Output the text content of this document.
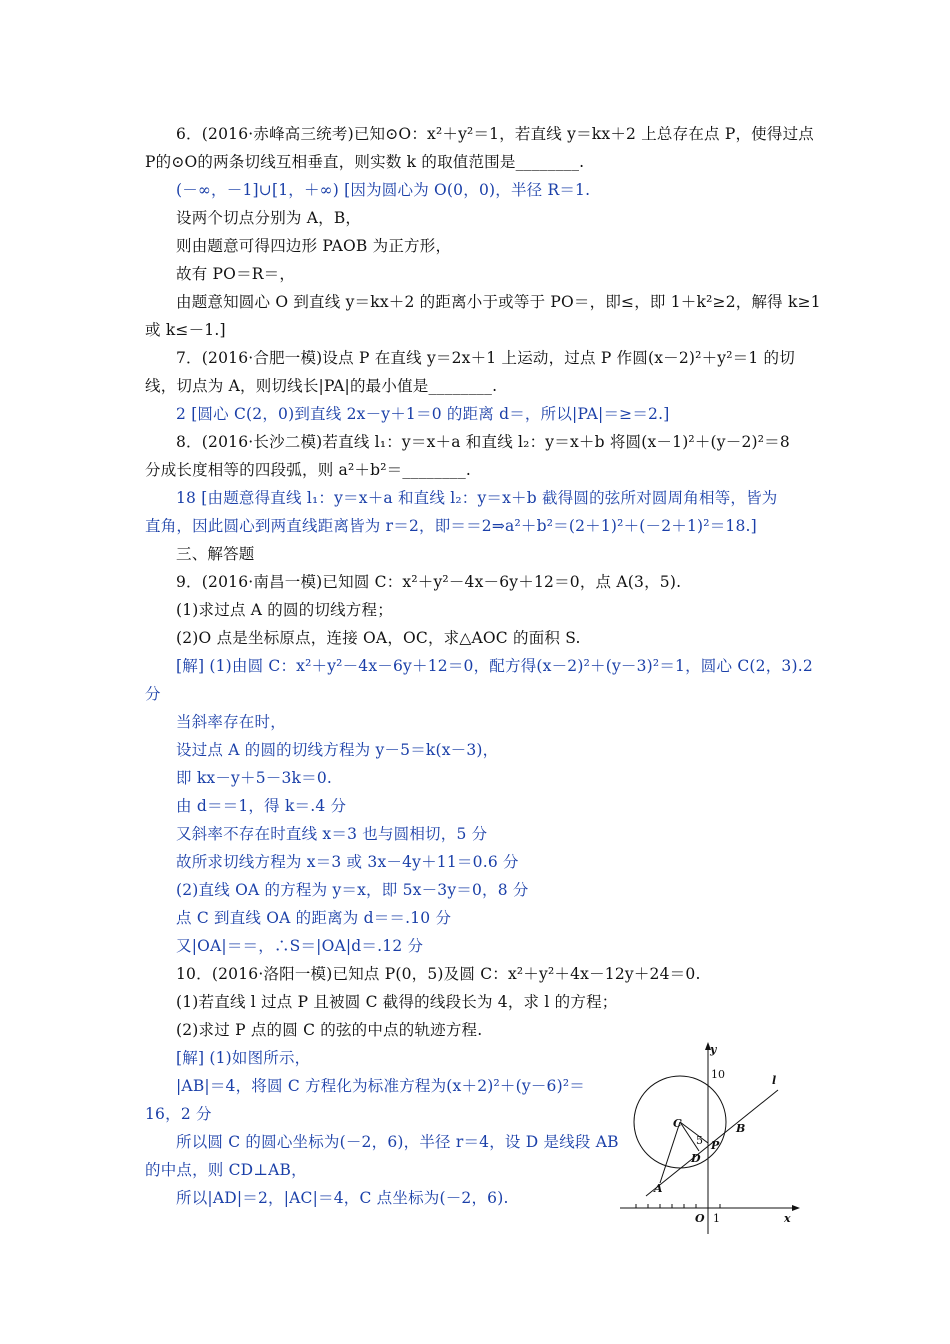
6．(2016·赤峰高三统考)已知⊙O：x²＋y²＝1，若直线 y＝kx＋2 上总存在点 P，使得过点
P的⊙O的两条切线互相垂直，则实数 k 的取值范围是________.
(－∞，－1]∪[1，＋∞) [因为圆心为 O(0，0)，半径 R＝1.
设两个切点分别为 A，B，
则由题意可得四边形 PAOB 为正方形，
故有 PO＝R＝，
由题意知圆心 O 到直线 y＝kx＋2 的距离小于或等于 PO＝，即≤，即 1＋k²≥2，解得 k≥1
或 k≤－1.]
7．(2016·合肥一模)设点 P 在直线 y＝2x＋1 上运动，过点 P 作圆(x－2)²＋y²＝1 的切
线，切点为 A，则切线长|PA|的最小值是________.
2 [圆心 C(2，0)到直线 2x－y＋1＝0 的距离 d＝，所以|PA|＝≥＝2.]
8．(2016·长沙二模)若直线 l₁：y＝x＋a 和直线 l₂：y＝x＋b 将圆(x－1)²＋(y－2)²＝8
分成长度相等的四段弧，则 a²＋b²＝________.
18 [由题意得直线 l₁：y＝x＋a 和直线 l₂：y＝x＋b 截得圆的弦所对圆周角相等，皆为
直角，因此圆心到两直线距离皆为 r＝2，即＝＝2⇒a²＋b²＝(2＋1)²＋(－2＋1)²＝18.]
三、解答题
9．(2016·南昌一模)已知圆 C：x²＋y²－4x－6y＋12＝0，点 A(3，5).
(1)求过点 A 的圆的切线方程；
(2)O 点是坐标原点，连接 OA，OC，求△AOC 的面积 S.
[解] (1)由圆 C：x²＋y²－4x－6y＋12＝0，配方得(x－2)²＋(y－3)²＝1，圆心 C(2，3).2
分
当斜率存在时，
设过点 A 的圆的切线方程为 y－5＝k(x－3)，
即 kx－y＋5－3k＝0.
由 d＝＝1，得 k＝.4 分
又斜率不存在时直线 x＝3 也与圆相切，5 分
故所求切线方程为 x＝3 或 3x－4y＋11＝0.6 分
(2)直线 OA 的方程为 y＝x，即 5x－3y＝0，8 分
点 C 到直线 OA 的距离为 d＝＝.10 分
又|OA|＝＝，∴S＝|OA|d＝.12 分
10．(2016·洛阳一模)已知点 P(0，5)及圆 C：x²＋y²＋4x－12y＋24＝0.
(1)若直线 l 过点 P 且被圆 C 截得的线段长为 4，求 l 的方程；
(2)求过 P 点的圆 C 的弦的中点的轨迹方程.
[解] (1)如图所示，
|AB|＝4，将圆 C 方程化为标准方程为(x＋2)²＋(y－6)²＝
16，2 分
所以圆 C 的圆心坐标为(－2，6)，半径 r＝4，设 D 是线段 AB
的中点，则 CD⊥AB，
所以|AD|＝2，|AC|＝4，C 点坐标为(－2，6).
y
x
10
5
1
O
C	B
P
D
A
l
